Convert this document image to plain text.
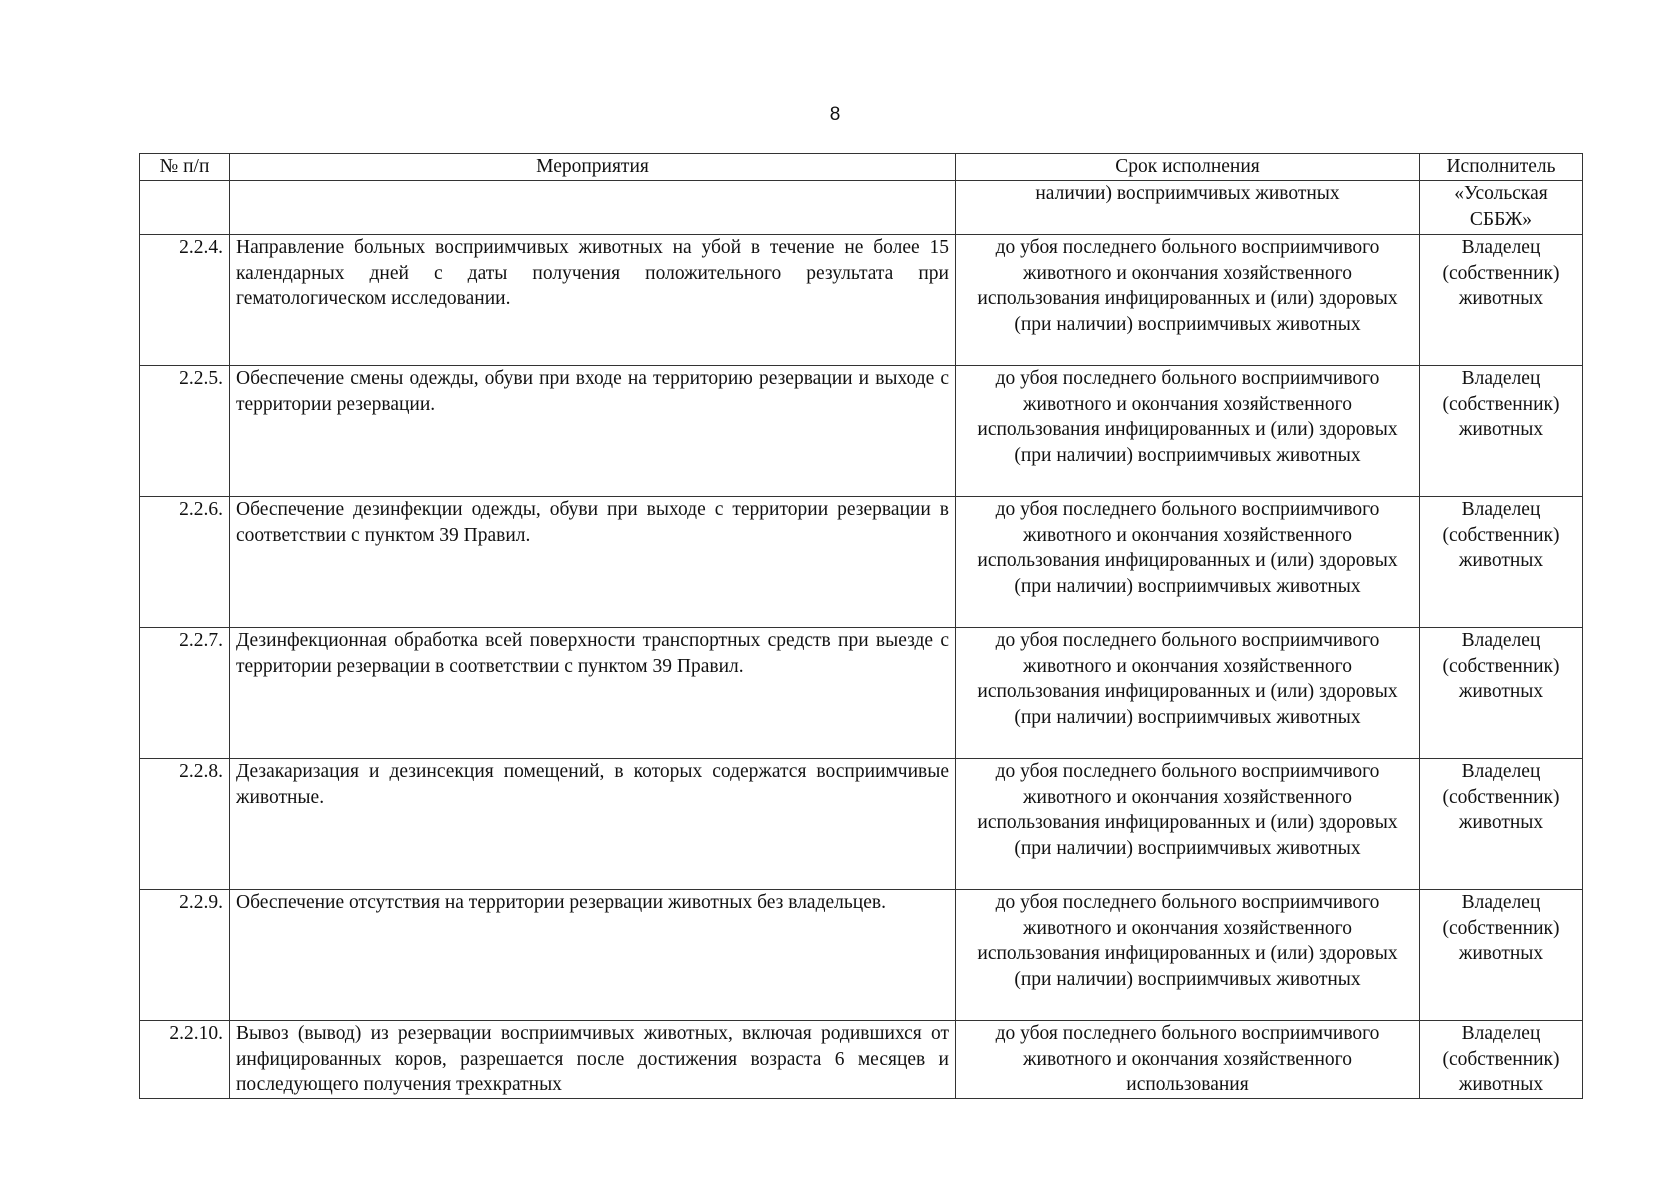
8
№ п/п	Мероприятия	Срок исполнения	Исполнитель
		наличии) восприимчивых животных	«Усольская СББЖ»
2.2.4.	Направление больных восприимчивых животных на убой в течение не более 15 календарных дней с даты получения положительного результата при гематологическом исследовании.	до убоя последнего больного восприимчивого животного и окончания хозяйственного использования инфицированных и (или) здоровых (при наличии) восприимчивых животных	Владелец (собственник) животных
2.2.5.	Обеспечение смены одежды, обуви при входе на территорию резервации и выходе с территории резервации.	до убоя последнего больного восприимчивого животного и окончания хозяйственного использования инфицированных и (или) здоровых (при наличии) восприимчивых животных	Владелец (собственник) животных
2.2.6.	Обеспечение дезинфекции одежды, обуви при выходе с территории резервации в соответствии с пунктом 39 Правил.	до убоя последнего больного восприимчивого животного и окончания хозяйственного использования инфицированных и (или) здоровых (при наличии) восприимчивых животных	Владелец (собственник) животных
2.2.7.	Дезинфекционная обработка всей поверхности транспортных средств при выезде с территории резервации в соответствии с пунктом 39 Правил.	до убоя последнего больного восприимчивого животного и окончания хозяйственного использования инфицированных и (или) здоровых (при наличии) восприимчивых животных	Владелец (собственник) животных
2.2.8.	Дезакаризация и дезинсекция помещений, в которых содержатся восприимчивые животные.	до убоя последнего больного восприимчивого животного и окончания хозяйственного использования инфицированных и (или) здоровых (при наличии) восприимчивых животных	Владелец (собственник) животных
2.2.9.	Обеспечение отсутствия на территории резервации животных без владельцев.	до убоя последнего больного восприимчивого животного и окончания хозяйственного использования инфицированных и (или) здоровых (при наличии) восприимчивых животных	Владелец (собственник) животных
2.2.10.	Вывоз (вывод) из резервации восприимчивых животных, включая родившихся от инфицированных коров, разрешается после достижения возраста 6 месяцев и последующего получения трехкратных	до убоя последнего больного восприимчивого животного и окончания хозяйственного использования	Владелец (собственник) животных
